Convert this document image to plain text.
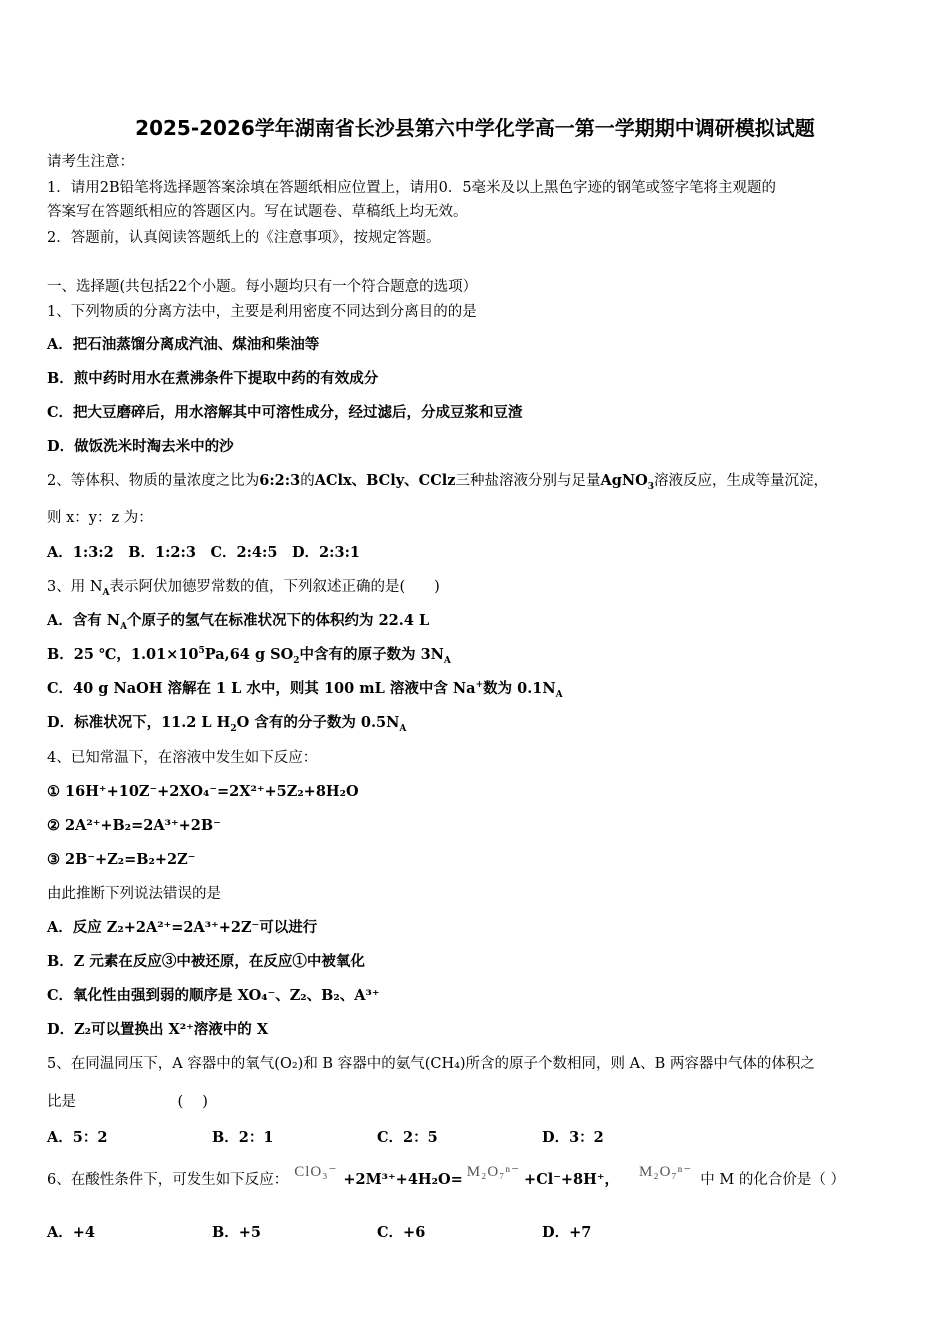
2025-2026学年湖南省长沙县第六中学化学高一第一学期期中调研模拟试题
请考生注意：
1．请用2B铅笔将选择题答案涂填在答题纸相应位置上，请用0．5毫米及以上黑色字迹的钢笔或签字笔将主观题的
答案写在答题纸相应的答题区内。写在试题卷、草稿纸上均无效。
2．答题前，认真阅读答题纸上的《注意事项》，按规定答题。
一、选择题(共包括22个小题。每小题均只有一个符合题意的选项）
1、下列物质的分离方法中，主要是利用密度不同达到分离目的的是
A．把石油蒸馏分离成汽油、煤油和柴油等
B．煎中药时用水在煮沸条件下提取中药的有效成分
C．把大豆磨碎后，用水溶解其中可溶性成分，经过滤后，分成豆浆和豆渣
D．做饭洗米时淘去米中的沙
2、等体积、物质的量浓度之比为6:2:3的AClx、BCly、CClz三种盐溶液分别与足量AgNO$_3$溶液反应，生成等量沉淀，
则 x：y：z 为：
A．1:3:2　B．1:2:3　C．2:4:5　D．2:3:1
3、用 $N_A$表示阿伏加德罗常数的值，下列叙述正确的是(　　)
A．含有 $N_A$个原子的氢气在标准状况下的体积约为 22.4 L
B．25 ℃，$1.01\times 10^5Pa,64$ g $SO_2$中含有的原子数为 $3N_A$
C．40 g NaOH 溶解在 1 L 水中，则其 100 mL 溶液中含 Na+数为 $0.1N_A$
D．标准状况下，11.2 L $H_2O$ 含有的分子数为 $0.5N_A$
4、已知常温下，在溶液中发生如下反应：
① 16H⁺+10Z⁻+2XO₄⁻=2X²⁺+5Z₂+8H₂O
② 2A²⁺+B₂=2A³⁺+2B⁻
③ 2B⁻+Z₂=B₂+2Z⁻
由此推断下列说法错误的是
A．反应 Z₂+2A²⁺=2A³⁺+2Z⁻可以进行
B．Z 元素在反应③中被还原，在反应①中被氧化
C．氧化性由强到弱的顺序是 XO₄⁻、Z₂、B₂、A³⁺
D．Z₂可以置换出 X²⁺溶液中的 X
5、在同温同压下，A 容器中的氧气(O₂)和 B 容器中的氨气(CH₄)所含的原子个数相同，则 A、B 两容器中气体的体积之
比是　　　　　　　(　 )
A．5：2	B．2：1	C．2：5	D．3：2
6、在酸性条件下，可发生如下反应： ClO₃⁻ +2M³⁺+4H₂O= M₂O₇ⁿ⁻ +Cl⁻+8H⁺， M₂O₇ⁿ⁻ 中 M 的化合价是（ ）
A．+4	B．+5	C．+6	D．+7
